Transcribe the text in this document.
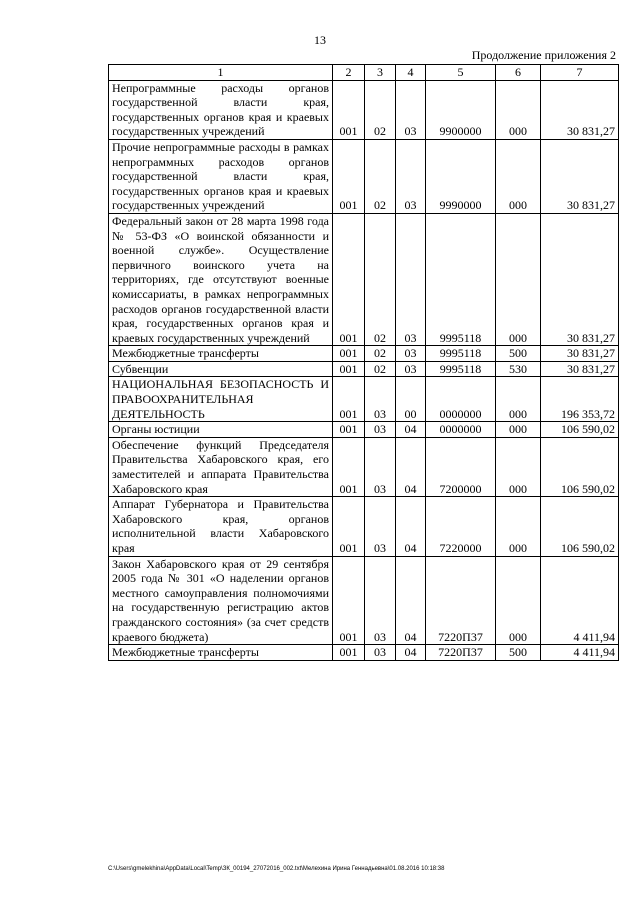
13
Продолжение приложения 2
1	2	3	4	5	6	7
Непрограммные расходы органов государственной власти края, государственных органов края и краевых государственных учреждений	001	02	03	9900000	000	30 831,27
Прочие непрограммные расходы в рамках непрограммных расходов органов государственной власти края, государственных органов края и краевых государственных учреждений	001	02	03	9990000	000	30 831,27
Федеральный закон от 28 марта 1998 года № 53-ФЗ «О воинской обязанности и военной службе». Осуществление первичного воинского учета на территориях, где отсутствуют военные комиссариаты, в рамках непрограммных расходов органов государственной власти края, государственных органов края и краевых государственных учреждений	001	02	03	9995118	000	30 831,27
Межбюджетные трансферты	001	02	03	9995118	500	30 831,27
Субвенции	001	02	03	9995118	530	30 831,27
НАЦИОНАЛЬНАЯ БЕЗОПАСНОСТЬ И ПРАВООХРАНИТЕЛЬНАЯ ДЕЯТЕЛЬНОСТЬ	001	03	00	0000000	000	196 353,72
Органы юстиции	001	03	04	0000000	000	106 590,02
Обеспечение функций Председателя Правительства Хабаровского края, его заместителей и аппарата Правительства Хабаровского края	001	03	04	7200000	000	106 590,02
Аппарат Губернатора и Правительства Хабаровского края, органов исполнительной власти Хабаровского края	001	03	04	7220000	000	106 590,02
Закон Хабаровского края от 29 сентября 2005 года № 301 «О наделении органов местного самоуправления полномочиями на государственную регистрацию актов гражданского состояния» (за счет средств краевого бюджета)	001	03	04	7220П37	000	4 411,94
Межбюджетные трансферты	001	03	04	7220П37	500	4 411,94
C:\Users\gmelekhina\AppData\Local\Temp\ЗК_00194_27072016_002.txt\Мелехина Ирина Геннадьевна\01.08.2016 10:18:38
